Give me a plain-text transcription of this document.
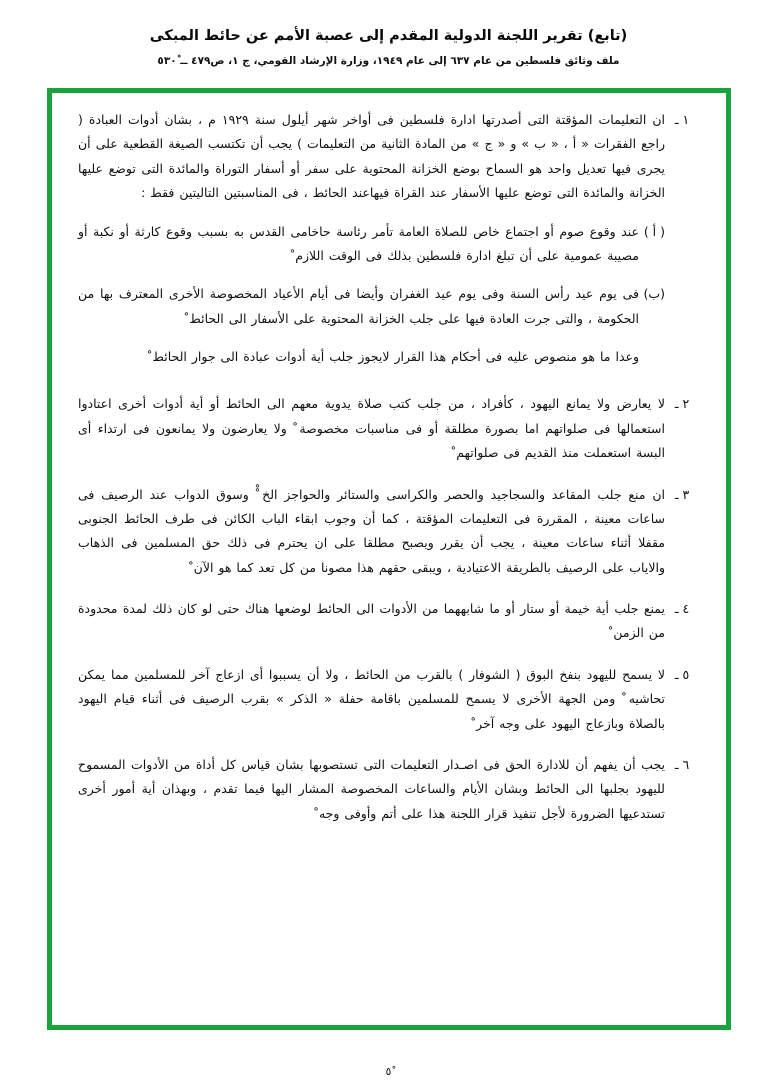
(تابع) تقرير اللجنة الدولية المقدم إلى عصبة الأمم عن حائط المبكى
ملف وثائق فلسطين من عام ٦٣٧ إلى عام ١٩٤٩، وزارة الإرشاد القومي، ج ١، ص٤٧٩ ــ ٥٣٠ْ
١ ـ

ان التعليمات المؤقتة التى أصدرتها ادارة فلسطين فى أواخر شهر أيلول سنة ١٩٢٩ م ، بشان أدوات العبادة ( راجع الفقرات « أ ، « ب » و « ج » من المادة الثانية من التعليمات ) يجب أن تكتسب الصيغة القطعية على أن يجرى فيها تعديل واحد هو السماح بوضع الخزانة المحتوية على سفر أو أسفار التوراة والمائدة التى توضع عليها الخزانة والمائدة التى توضع عليها الأسفار عند القراة فيهاعند الحائط ، فى المناسبتين التاليتين فقط :

( أ )

عند وقوع صوم أو اجتماع خاص للصلاة العامة تأمر رئاسة حاخامى القدس به بسبب وقوع كارثة أو نكبة أو مصيبة عمومية على أن تبلغ ادارة فلسطين بذلك فى الوقت اللازم ْ

(ب)

فى يوم عيد رأس السنة وفى يوم عيد الغفران وأيضا فى أيام الأعياد المخصوصة الأخرى المعترف بها من الحكومة ، والتى جرت العادة فيها على جلب الخزانة المحتوية على الأسفار الى الحائط ْ

وعدا ما هو منصوص عليه فى أحكام هذا القرار لايجوز جلب أية أدوات عبادة الى جوار الحائط ْ

٢ ـ

لا يعارض ولا يمانع اليهود ، كأفراد ، من جلب كتب صلاة يدوية معهم الى الحائط أو أية أدوات أخرى اعتادوا استعمالها فى صلواتهم اما بصورة مطلقة أو فى مناسبات مخصوصة ْ ولا يعارضون ولا يمانعون فى ارتداء أى البسة استعملت منذ القديم فى صلواتهم ْ

٣ ـ

ان منع جلب المقاعد والسجاجيد والحصر والكراسى والستائر والحواجز الخ ْْ وسوق الدواب عند الرصيف فى ساعات معينة ، المقررة فى التعليمات المؤقتة ، كما أن وجوب ابقاء الباب الكائن فى طرف الحائط الجنوبى مقفلا أثناء ساعات معينة ، يجب أن يقرر ويصبح مطلقا على ان يحترم فى ذلك حق المسلمين فى الذهاب والاياب على الرصيف بالطريقة الاعتيادية ، ويبقى حقهم هذا مصونا من كل تعد كما هو الآن ْ

٤ ـ

يمنع جلب أية خيمة أو ستار أو ما شابههما من الأدوات الى الحائط لوضعها هناك حتى لو كان ذلك لمدة محدودة من الزمن ْ

٥ ـ

لا يسمح لليهود بنفخ البوق ( الشوفار ) بالقرب من الحائط ، ولا أن يسببوا أى ازعاج آخر للمسلمين مما يمكن تحاشيه ْ ومن الجهة الأخرى لا يسمح للمسلمين باقامة حفلة « الذكر » بقرب الرصيف فى أثناء قيام اليهود بالصلاة وبازعاج اليهود على وجه آخر ْ

٦ ـ

يجب أن يفهم أن للادارة الحق فى اصـدار التعليمات التى تستصوبها بشان قياس كل أداة من الأدوات المسموح لليهود بجلبها الى الحائط وبشان الأيام والساعات المخصوصة المشار اليها فيما تقدم ، وبهذان أية أمور أخرى تستدعيها الضرورة لأجل تنفيذ قرار اللجنة هذا على أتم وأوفى وجه ْ

٥ْ
